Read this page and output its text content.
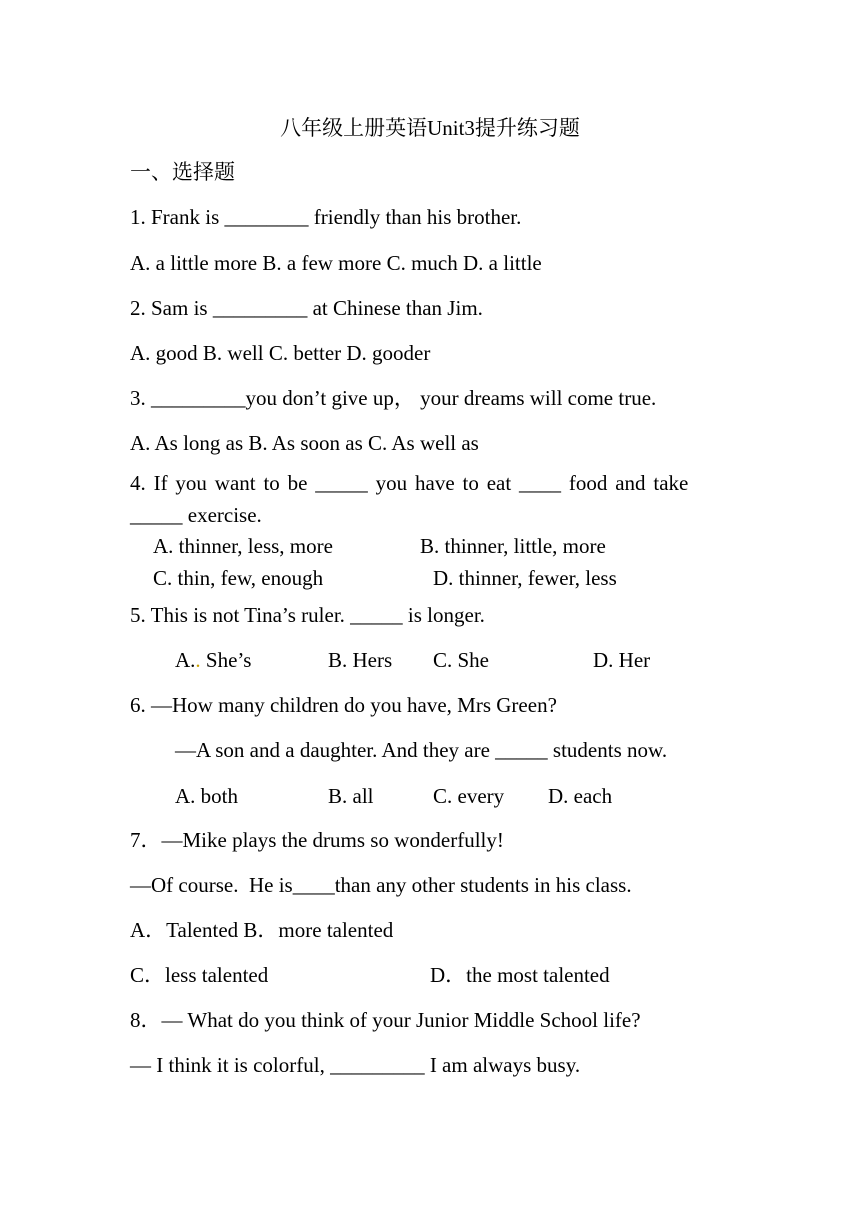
八年级上册英语Unit3提升练习题
一、选择题
1. Frank is ________ friendly than his brother.
A. a little more B. a few more C. much D. a little
2. Sam is _________ at Chinese than Jim.
A. good B. well C. better D. gooder
3. _________you don’t give up， your dreams will come true.
A. As long as B. As soon as C. As well as
4. If you want to be _____ you have to eat ____ food and take
_____ exercise.
A. thinner, less, more	B. thinner, little, more
C. thin, few, enough	D. thinner, fewer, less
5. This is not Tina’s ruler. _____ is longer.
A.. She’s	B. Hers C. She	D. Her
6. —How many children do you have, Mrs Green?
—A son and a daughter. And they are _____ students now.
A. both	B. all	C. every D. each
7．—Mike plays the drums so wonderfully!
—Of course.  He is____than any other students in his class.
A．Talented B．more talented
C．less talented	D．the most talented
8．— What do you think of your Junior Middle School life?
— I think it is colorful, _________ I am always busy.
